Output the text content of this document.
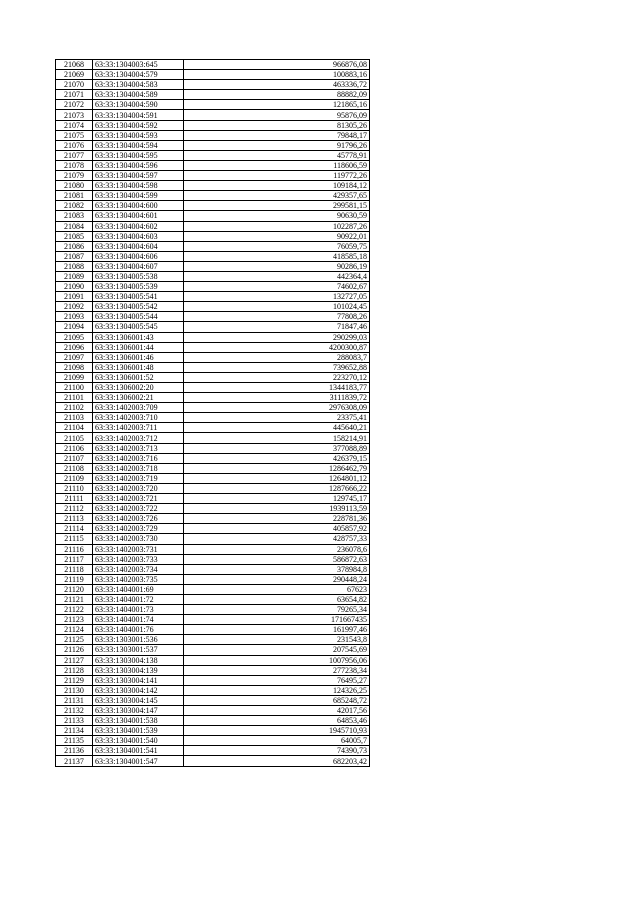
21068	63:33:1304003:645	966876,08
21069	63:33:1304004:579	100883,16
21070	63:33:1304004:583	463336,72
21071	63:33:1304004:589	88882,09
21072	63:33:1304004:590	121865,16
21073	63:33:1304004:591	95876,09
21074	63:33:1304004:592	81305,26
21075	63:33:1304004:593	79848,17
21076	63:33:1304004:594	91796,26
21077	63:33:1304004:595	45778,91
21078	63:33:1304004:596	118606,59
21079	63:33:1304004:597	119772,26
21080	63:33:1304004:598	109184,12
21081	63:33:1304004:599	429357,65
21082	63:33:1304004:600	299581,15
21083	63:33:1304004:601	90630,59
21084	63:33:1304004:602	102287,26
21085	63:33:1304004:603	90922,01
21086	63:33:1304004:604	76059,75
21087	63:33:1304004:606	418585,18
21088	63:33:1304004:607	90286,19
21089	63:33:1304005:538	442364,4
21090	63:33:1304005:539	74602,67
21091	63:33:1304005:541	132727,05
21092	63:33:1304005:542	101024,45
21093	63:33:1304005:544	77808,26
21094	63:33:1304005:545	71847,46
21095	63:33:1306001:43	290299,03
21096	63:33:1306001:44	4200300,87
21097	63:33:1306001:46	288083,7
21098	63:33:1306001:48	739652,88
21099	63:33:1306001:52	223270,12
21100	63:33:1306002:20	1344183,77
21101	63:33:1306002:21	3111839,72
21102	63:33:1402003:709	2976308,09
21103	63:33:1402003:710	23375,41
21104	63:33:1402003:711	445640,21
21105	63:33:1402003:712	158214,91
21106	63:33:1402003:713	377088,89
21107	63:33:1402003:716	426379,15
21108	63:33:1402003:718	1286462,79
21109	63:33:1402003:719	1264801,12
21110	63:33:1402003:720	1287666,22
21111	63:33:1402003:721	129745,17
21112	63:33:1402003:722	1939113,59
21113	63:33:1402003:726	228781,36
21114	63:33:1402003:729	405857,92
21115	63:33:1402003:730	428757,33
21116	63:33:1402003:731	236078,6
21117	63:33:1402003:733	586872,63
21118	63:33:1402003:734	378984,8
21119	63:33:1402003:735	290448,24
21120	63:33:1404001:69	67623
21121	63:33:1404001:72	63654,82
21122	63:33:1404001:73	79265,34
21123	63:33:1404001:74	171667435
21124	63:33:1404001:76	161997,46
21125	63:33:1303001:536	231543,8
21126	63:33:1303001:537	207545,69
21127	63:33:1303004:138	1007956,06
21128	63:33:1303004:139	277238,34
21129	63:33:1303004:141	76495,27
21130	63:33:1303004:142	124326,25
21131	63:33:1303004:145	685248,72
21132	63:33:1303004:147	42017,56
21133	63:33:1304001:538	64853,46
21134	63:33:1304001:539	1945710,93
21135	63:33:1304001:540	64005,7
21136	63:33:1304001:541	74390,73
21137	63:33:1304001:547	682203,42
